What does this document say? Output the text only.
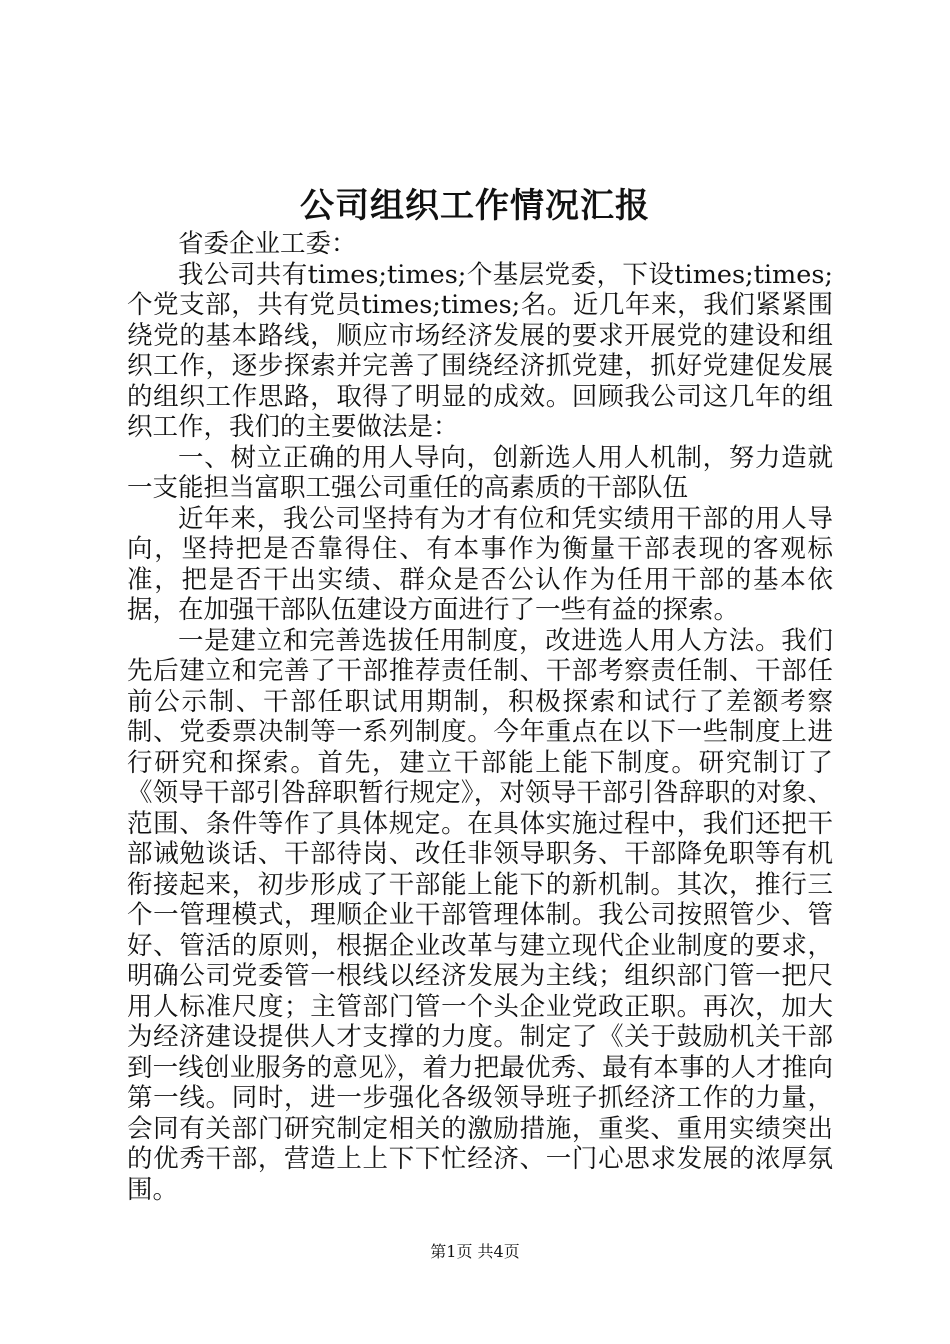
公司组织工作情况汇报

省委企业工委：

我公司共有times;times;个基层党委，下设times;times;个党支部，共有党员times;times;名。近几年来，我们紧紧围绕党的基本路线，顺应市场经济发展的要求开展党的建设和组织工作，逐步探索并完善了围绕经济抓党建，抓好党建促发展的组织工作思路，取得了明显的成效。回顾我公司这几年的组织工作，我们的主要做法是：

一、树立正确的用人导向，创新选人用人机制，努力造就一支能担当富职工强公司重任的高素质的干部队伍

近年来，我公司坚持有为才有位和凭实绩用干部的用人导向，坚持把是否靠得住、有本事作为衡量干部表现的客观标准，把是否干出实绩、群众是否公认作为任用干部的基本依据，在加强干部队伍建设方面进行了一些有益的探索。

一是建立和完善选拔任用制度，改进选人用人方法。我们先后建立和完善了干部推荐责任制、干部考察责任制、干部任前公示制、干部任职试用期制，积极探索和试行了差额考察制、党委票决制等一系列制度。今年重点在以下一些制度上进行研究和探索。首先，建立干部能上能下制度。研究制订了《领导干部引咎辞职暂行规定》，对领导干部引咎辞职的对象、范围、条件等作了具体规定。在具体实施过程中，我们还把干部诫勉谈话、干部待岗、改任非领导职务、干部降免职等有机衔接起来，初步形成了干部能上能下的新机制。其次，推行三个一管理模式，理顺企业干部管理体制。我公司按照管少、管好、管活的原则，根据企业改革与建立现代企业制度的要求，明确公司党委管一根线以经济发展为主线；组织部门管一把尺用人标准尺度；主管部门管一个头企业党政正职。再次，加大为经济建设提供人才支撑的力度。制定了《关于鼓励机关干部到一线创业服务的意见》，着力把最优秀、最有本事的人才推向第一线。同时，进一步强化各级领导班子抓经济工作的力量，会同有关部门研究制定相关的激励措施，重奖、重用实绩突出的优秀干部，营造上上下下忙经济、一门心思求发展的浓厚氛围。

第1页 共4页
